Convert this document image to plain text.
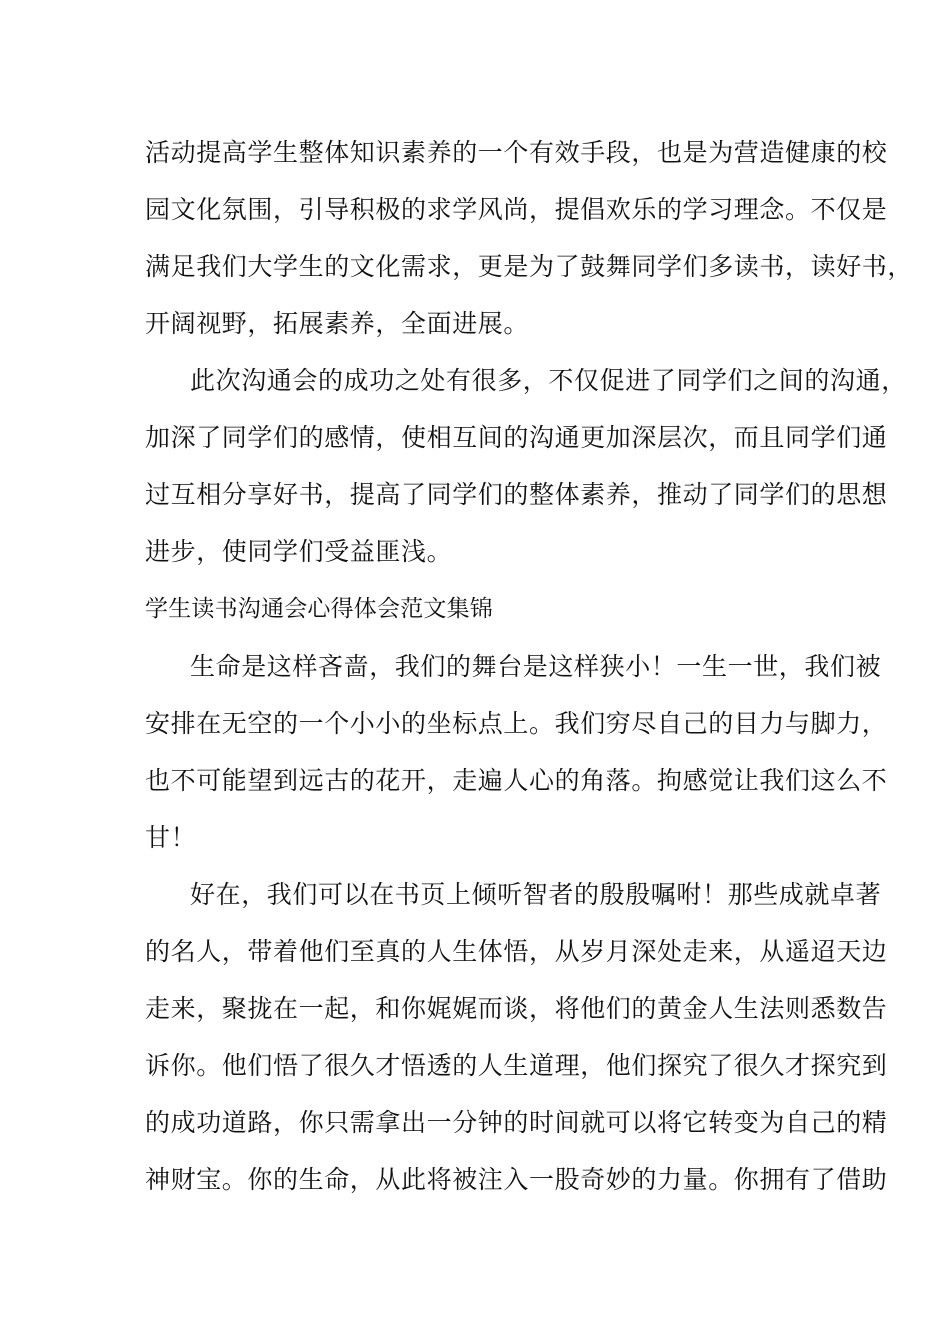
活动提高学生整体知识素养的一个有效手段，也是为营造健康的校
园文化氛围，引导积极的求学风尚，提倡欢乐的学习理念。不仅是
满足我们大学生的文化需求，更是为了鼓舞同学们多读书，读好书，
开阔视野，拓展素养，全面进展。
此次沟通会的成功之处有很多，不仅促进了同学们之间的沟通，
加深了同学们的感情，使相互间的沟通更加深层次，而且同学们通
过互相分享好书，提高了同学们的整体素养，推动了同学们的思想
进步，使同学们受益匪浅。
学生读书沟通会心得体会范文集锦
生命是这样吝啬，我们的舞台是这样狭小！一生一世，我们被
安排在无空的一个小小的坐标点上。我们穷尽自己的目力与脚力，
也不可能望到远古的花开，走遍人心的角落。拘感觉让我们这么不
甘！
好在，我们可以在书页上倾听智者的殷殷嘱咐！那些成就卓著
的名人，带着他们至真的人生体悟，从岁月深处走来，从遥迢天边
走来，聚拢在一起，和你娓娓而谈，将他们的黄金人生法则悉数告
诉你。他们悟了很久才悟透的人生道理，他们探究了很久才探究到
的成功道路，你只需拿出一分钟的时间就可以将它转变为自己的精
神财宝。你的生命，从此将被注入一股奇妙的力量。你拥有了借助
